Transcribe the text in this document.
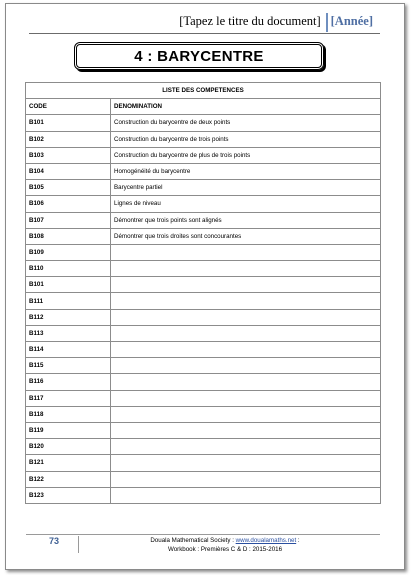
[Tapez le titre du document] [Année]
4 : BARYCENTRE
LISTE DES COMPETENCES	
CODE	DENOMINATION
B101	Construction du barycentre de deux points
B102	Construction du barycentre de trois points
B103	Construction du barycentre de plus de trois points
B104	Homogénéité du barycentre
B105	Barycentre partiel
B106	Lignes de niveau
B107	Démontrer que trois points sont alignés
B108	Démontrer que trois droites sont concourantes
B109	
B110	
B101	
B111	
B112	
B113	
B114	
B115	
B116	
B117	
B118	
B119	
B120	
B121	
B122	
B123	
73	Douala Mathematical Society : www.doualamaths.net :
Workbook : Premières C & D : 2015-2016
